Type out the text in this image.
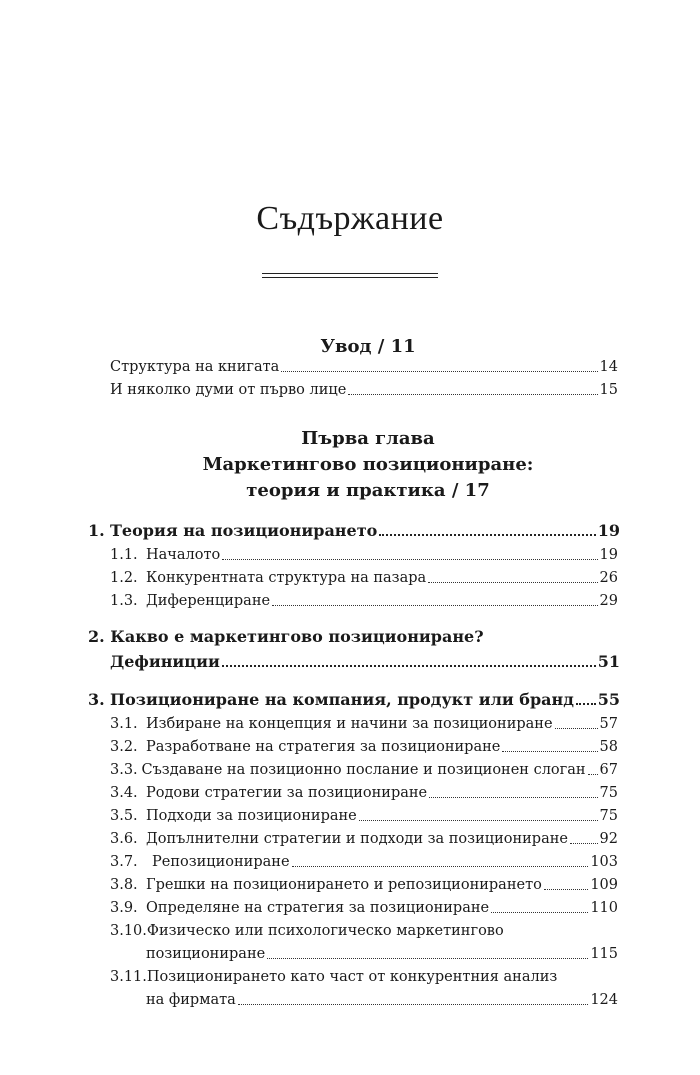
Съдържание
Увод / 11
Структура на книгата	14
И няколко думи от първо лице	15
Първа глава
Маркетингово позициониране:
теория и практика / 17
1. Теория на позиционирането	19
1.1. Началото	19
1.2. Конкурентната структура на пазара	26
1.3. Диференциране	29
2. Какво е маркетингово позициониране?
Дефиниции	51
3. Позициониране на компания, продукт или бранд 55
3.1. Избиране на концепция и начини за позициониране	57
3.2. Разработване на стратегия за позициониране	58
3.3. Създаване на позиционно послание и позиционен слоган 67
3.4. Родови стратегии за позициониране	75
3.5. Подходи за позициониране	75
3.6. Допълнителни стратегии и подходи за позициониране 92
3.7. Репозициониране	103
3.8. Грешки на позиционирането и репозиционирането	109
3.9. Определяне на стратегия за позициониране	110
3.10.Физическо или психологическо маркетингово
позициониране	115
3.11.Позиционирането като част от конкурентния анализ
на фирмата	124
